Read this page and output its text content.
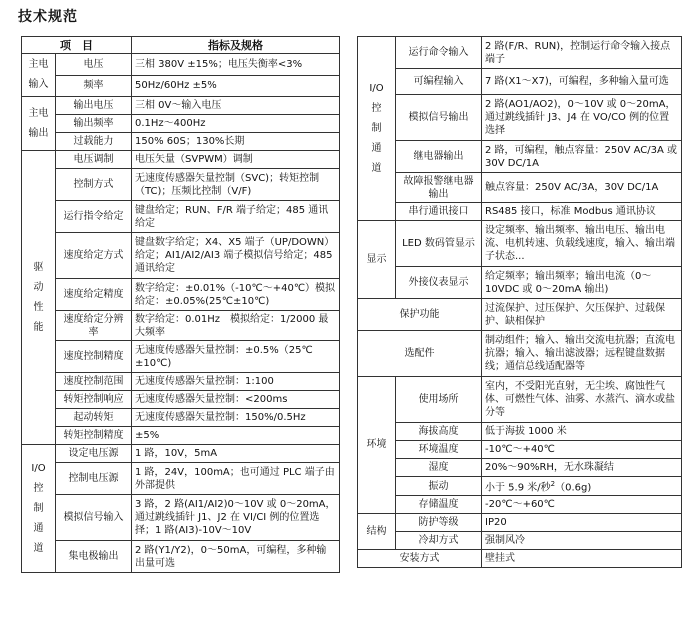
技术规范
项　目		指标及规格

主电
输入	电压	三相 380V ±15%；电压失衡率<3%
	频率	50Hz/60Hz ±5%

主电
输出	输出电压	三相 0V～输入电压
	输出频率	0.1Hz～400Hz
	过载能力	150% 60S；130%长期

驱
动
性
能	电压调制	电压矢量（SVPWM）调制
	控制方式	无速度传感器矢量控制（SVC)；转矩控制（TC)；压频比控制（V/F)
	运行指令给定	键盘给定；RUN、F/R 端子给定；485 通讯给定
	速度给定方式	键盘数字给定；X4、X5 端子（UP/DOWN）给定；AI1/AI2/AI3 端子模拟信号给定；485 通讯给定
	速度给定精度	数字给定：±0.01%（-10℃～+40℃）模拟给定：±0.05%(25℃±10℃)
	速度给定分辨率	数字给定：0.01Hz　模拟给定：1/2000 最大频率
	速度控制精度	无速度传感器矢量控制：±0.5%（25℃±10℃)
	速度控制范围	无速度传感器矢量控制：1:100
	转矩控制响应	无速度传感器矢量控制：<200ms
	起动转矩	无速度传感器矢量控制：150%/0.5Hz
	转矩控制精度	±5%

I/O
控
制
通
道	设定电压源	1 路，10V，5mA
	控制电压源	1 路，24V，100mA；也可通过 PLC 端子由外部提供
	模拟信号输入	3 路，2 路(AI1/AI2)0～10V 或 0～20mA，通过跳线插针 J1、J2 在 VI/CI 例的位置选择；1 路(AI3)-10V～10V
	集电极输出	2 路(Y1/Y2)，0～50mA，可编程，多种输出量可选
I/O
控
制
通
道	运行命令输入	2 路(F/R、RUN)，控制运行命令输入接点端子
	可编程输入	7 路(X1～X7)，可编程，多种输入量可选
	模拟信号输出	2 路(AO1/AO2)，0～10V 或 0～20mA，通过跳线插针 J3、J4 在 VO/CO 例的位置选择
	继电器输出	2 路，可编程，触点容量：250V AC/3A 或 30V DC/1A
	故障报警继电器输出	触点容量：250V AC/3A，30V DC/1A
	串行通讯接口	RS485 接口，标准 Modbus 通讯协议

显示	LED 数码管显示	设定频率、输出频率、输出电压、输出电流、电机转速、负载线速度，输入、输出端子状态...
	外接仪表显示	给定频率；输出频率；输出电流（0～10VDC 或 0～20mA 输出)
保护功能		过流保护、过压保护、欠压保护、过载保护、缺相保护
选配件		制动组件；输入、输出交流电抗器；直流电抗器；输入、输出滤波器；远程键盘数据线；通信总线适配器等

环境	使用场所	室内，不受阳光直射，无尘埃、腐蚀性气体、可燃性气体、油雾、水蒸汽、滴水或盐分等
	海拔高度	低于海拔 1000 米
	环境温度	-10℃～+40℃
	湿度	20%～90%RH，无水珠凝结
	振动	小于 5.9 米/秒$^2$（0.6g)
	存储温度	-20℃～+60℃

结构	防护等级	IP20
	冷却方式	强制风冷
安装方式		壁挂式
